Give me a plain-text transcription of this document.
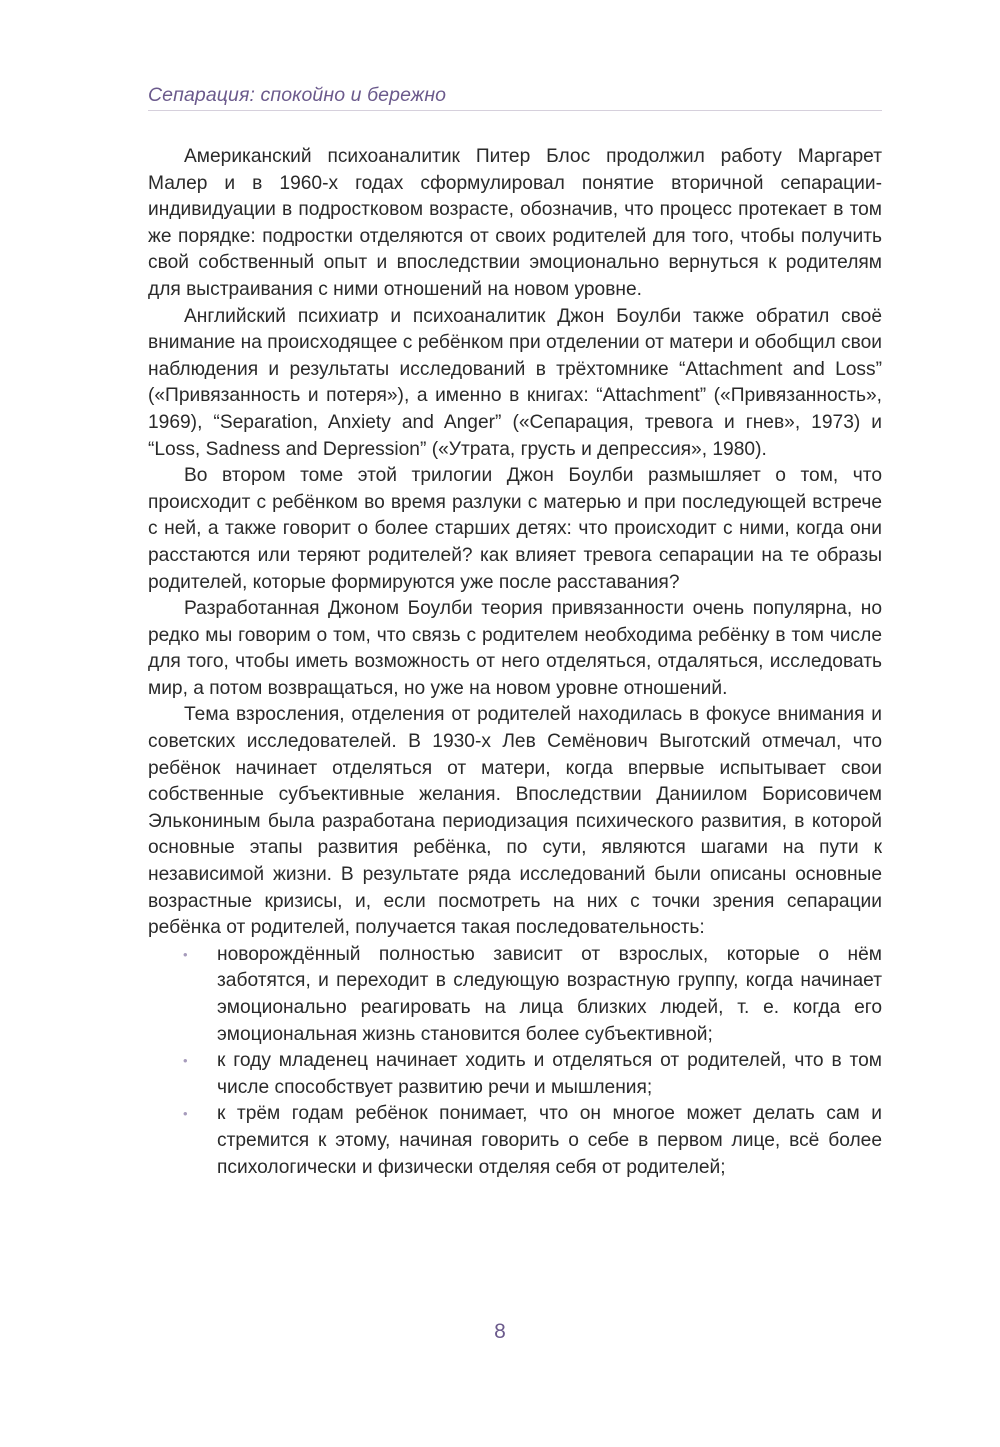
Сепарация: спокойно и бережно

Американский психоаналитик Питер Блос продолжил работу Маргарет Малер и в 1960-х годах сформулировал понятие вторичной сепарации-индивидуации в подростковом возрасте, обозначив, что процесс протекает в том же порядке: подростки отделяются от своих родителей для того, чтобы получить свой собственный опыт и впоследствии эмоционально вернуться к родителям для выстраивания с ними отношений на новом уровне.

Английский психиатр и психоаналитик Джон Боулби также обратил своё внимание на происходящее с ребёнком при отделении от матери и обобщил свои наблюдения и результаты исследований в трёхтомнике “Attachment and Loss” («Привязанность и потеря»), а именно в книгах: “Attachment” («Привязанность», 1969), “Separation, Anxiety and Anger” («Сепарация, тревога и гнев», 1973) и “Loss, Sadness and Depression” («Утрата, грусть и депрессия», 1980).

Во втором томе этой трилогии Джон Боулби размышляет о том, что происходит с ребёнком во время разлуки с матерью и при последующей встрече с ней, а также говорит о более старших детях: что происходит с ними, когда они расстаются или теряют родителей? как влияет тревога сепарации на те образы родителей, которые формируются уже после расставания?

Разработанная Джоном Боулби теория привязанности очень популярна, но редко мы говорим о том, что связь с родителем необходима ребёнку в том числе для того, чтобы иметь возможность от него отделяться, отдаляться, исследовать мир, а потом возвращаться, но уже на новом уровне отношений.

Тема взросления, отделения от родителей находилась в фокусе внимания и советских исследователей. В 1930-х Лев Семёнович Выготский отмечал, что ребёнок начинает отделяться от матери, когда впервые испытывает свои собственные субъективные желания. Впоследствии Даниилом Борисовичем Элькониным была разработана периодизация психического развития, в которой основные этапы развития ребёнка, по сути, являются шагами на пути к независимой жизни. В результате ряда исследований были описаны основные возрастные кризисы, и, если посмотреть на них с точки зрения сепарации ребёнка от родителей, получается такая последовательность:

• новорождённый полностью зависит от взрослых, которые о нём заботятся, и переходит в следующую возрастную группу, когда начинает эмоционально реагировать на лица близких людей, т. е. когда его эмоциональная жизнь становится более субъективной;
• к году младенец начинает ходить и отделяться от родителей, что в том числе способствует развитию речи и мышления;
• к трём годам ребёнок понимает, что он многое может делать сам и стремится к этому, начиная говорить о себе в первом лице, всё более психологически и физически отделяя себя от родителей;
8
